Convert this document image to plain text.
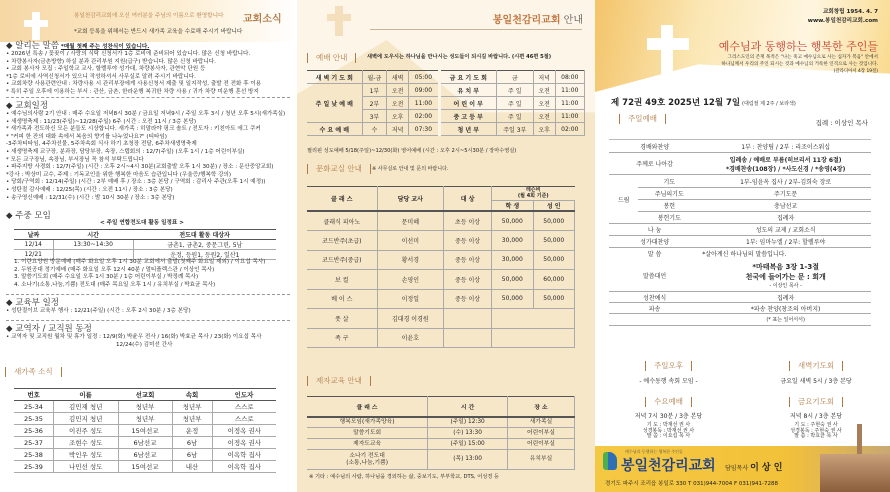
봉일천감리교회에 오신 여러분을 주님의 이름으로 환영합니다 교회소식
*교회 등록을 위해서는 반드시 새가족 교육을 수료해 주시기 바랍니다
◆ 알리는 말씀 *매월 첫째 주는 성찬식이 있습니다.
• 2026년 특송 / 꽃꽂이 / 사랑의 식탁 신청서가 1층 로비에 준비되어 있습니다. 많은 신청 바랍니다.
• 차량봉사자(금촌방향) 하실 분과 관리부원 지원(급구) 받습니다. 많은 신청 바랍니다.
• 교회 봉사자 모집 : 주일학교 교사, 할렐루야 성가대, 차량봉사자, 관현악 단원 등
*1층 로비에 사역신청서가 있으니 작성하셔서 사무실로 알려 주시기 바랍니다.
• 교회차량 사용관련안내 : 차량사용 시 관리부장에게 사용신청서 제출 및 일지작성, 출발 전 전화 후 이용
* 특히 주일 오후에 이용하는 부서 : 관산, 금촌, 한라운행 복귀한 차량 사용 / 귀가 차량 미운행 혼선 방지
◆ 교회일정
• 예수님의사람 2기 안내 : 매주 수요일 저녁8시 30분 / 금요일 저녁9시 / 주일 오후 3시 / 청년 오후 5시(새가족실)
• 새생명축제 : 11/23(주일)~12/28(주일) 6주 (시간 : 오전 11시 / 3층 본당)
* 새가족과 전도하신 모든 분들도 시상합니다. 새가족 : 히말라야 핑크 솔트 / 전도자 : 키친아트 에그 쿠커
* "커피 한 잔의 대화 속에서 복음의 향기를 나누었나요?" (티타임)
-3주차티타임, 4주차선물, 5주차속회 식사 하기 초청장 전달, 6주차새생명축제
• 새생명축제 교구장, 분과장, 담당부장, 속장, 스텝회의 : 12/7(주일) (오후 1시 / 1층 어린이부실)
* 모든 교구장님, 속장님, 부서장님 꼭 참석 부탁드립니다
• 파주지방 사경회 : 12/7(주일) (시간 : 오후 2시~4시 30분(교회출발 오후 1시 30분) / 장소 : 문산중앙교회)
*강사 : 박상미 교수, 주제 : 기독교인을 위한 행복한 마음도 습관입니다 (우울증/행복학 강의)
• 당회/구역회 : 12/14(주일) (시간 : 2부 예배 후 / 장소 : 3층 본당 / 구역회 : 감리사 주관(오후 1시 예정))
• 성탄절 감사예배 : 12/25(목) (시간 : 오전 11시 / 장소 : 3층 본당)
• 송구영신예배 : 12/31(수) (시간 : 밤 10시 30분 / 장소 : 3층 본당)
◆ 주중 모임
< 주일 연합전도대 활동 일정표 >
날짜	시간	전도대 활동 대상자
12/14	13:30~14:30	금촌1, 금촌2, 중문그린, 5남
12/21		운정, 등원1, 등원2, 일산1
1. 이란요양원 방문예배 (매주 화요일 오후 1시 30분 교회에서 출발(첫째주 화요일 제외) / 이요섭 목사)
2. 두원공대 정기예배 (매주 화요일 오후 12시 40분 / 멀티플렉스관 / 이상인 목사)
3. 말씀기도회 (매주 수요일 오후 1시 30분 / 1층 어린이부실 / 박정례 목사)
4. 소나기(소통,나눔,기쁨) 전도대 (매주 목요일 오후 1시 / 유치부실 / 박효균 목사)
◆ 교육부 일정
• 성탄절이브 교육부 행사 : 12/21(주일) (시간 : 오후 2시 30분 / 3층 본당)
◆ 교역자 / 교직원 동정
• 교역자 및 교직원 월차 및 휴가 일정 : 12/9(화) 박윤우 전사 / 16(화) 박효균 목사 / 23(화) 이요섭 목사
12/24(수) 김미선 간사
새가족 소식
번호	이름	선교회	속회	인도자
25-34	김민재 청년	청년부	청년부	스스로
25-35	김민지 청년	청년부	청년부	스스로
25-36	이진주 성도	15여선교	운정	이정옥 권사
25-37	조현수 성도	6남선교	6남	이정옥 권사
25-38	박인우 성도	6남선교	6남	이옥학 집사
25-39	나민선 성도	15여선교	내산	이옥학 집사
봉일천감리교회 안내
예배 안내	새벽에 도우시는 하나님을 만나시는 성도들이 되시길 바랍니다. (시편 46편 5절)
새 벽 기 도 회	월-금	새벽	05:00	금 요 기 도 회	금	저녁	08:00
주 일 낮 예 배	1부	오전	09:00	유 치 부	주 일	오전	11:00
	2부	오전	11:00	어 린 이 부	주 일	오전	11:00
	3부	오후	02:00	중 고 등 부	주 일	오전	11:00
수 요 예 배	수	저녁	07:30	청 년 부	주일 3부	오후	02:00
필리핀 성도예배 5/18(주일)~12/30(화) 영어예배 (시간 : 오후 2시~5시30분 / 장마수영실)
문화교실 안내	※ 사무실로 안내 및 문의 바랍니다.
클 래 스	담당 교사	대 상	레슨비
(월 4회 기준)	

			학 생	성 인
클래식 피아노	문미혜	초등 이상	50,000	50,000
코드반주(초급)	이선미	중등 이상	30,000	50,000
코드반주(중급)	황서경	중등 이상	30,000	50,000
보 컬	손영인	중등 이상	50,000	60,000
베 이 스	이정일	중등 이상	50,000	50,000
풋 살	김대경 이경원			
족 구	이윤호			
제자교육 안내
클 래 스	시 간	장 소
행복모임(새가족양육)	(주일) 12:30	새가족실
말씀기도회	(수) 13:30	어린이부실
제자도교육	(주일) 15:00	어린이부실
소나기 전도대
(소통,나눔,기쁨)	(목) 13:00	유치부실
※ 기타 : 예수님의 사람, 하나님을 경외하는 삶, 중보기도, 부부학교, DTS, 어성경 등
교회창립 1954. 4. 7
www.봉일천감리교회.com
예수님과 동행하는 행복한 주인들
그리스도인의 존재 목적은 "나는 죽고 예수님으로 사는 십자가 복음" 안에서
하나님께서 우리의 주인 되시는 것과 예수님의 거룩한 인격으로 사는 것입니다.
(갈라디아서 4장 19절)
제 72권 49호 2025년 12월 7일 (대림절 제 2주 / 보라색)
주일예배	집례 : 이상인 목사
경배와찬양		1부 : 찬양팀 / 2부 : 리조이스워십
주께로 나아감		입례송 / 예배로 부름(히브리서 11장 6절)
*경배찬송(108장) / *사도신경 / *송영(4장)

드림	기도	1부-임윤옥 집사 / 2부-김희숙 장로
	주님의기도	주기도문
	봉헌	충남선교
	봉헌기도	집례자
나 눔		성도의 교제 / 교회소식
성가대찬양		1부: 임마누엘 / 2부: 할렐루야
말 씀		*살아계신 하나님의 말씀입니다.
말씀대언		*마태복음 3장 1-3절
천국에 들어가는 문 : 회개
- 이상인 목사 -

성찬예식		집례자
파송		*파송 찬양(창조의 아버지)
		(* 표는 일어서서)
주일오후
- 예수동행 속회 모임 -
새벽기도회
금요일 새벽 5시 / 3층 본당
수요예배
저녁 7시 30분 / 3층 본당
기 도 : 박재선 권 사
성경봉독 : 박재선 권 사
말 씀 : 이요섭 목 사
금요기도회
저녁 8시 / 3층 본당
기 도 : 주현숙 권 사
성경봉독 : 주현숙 권 사
말 씀 : 박효균 목 사
예수님과 동행하는 행복한 주인들
봉일천감리교회 담임목사 이 상 인
경기도 파주시 조리읍 봉일로 330 T 031)944-7004 F 031)941-7288
